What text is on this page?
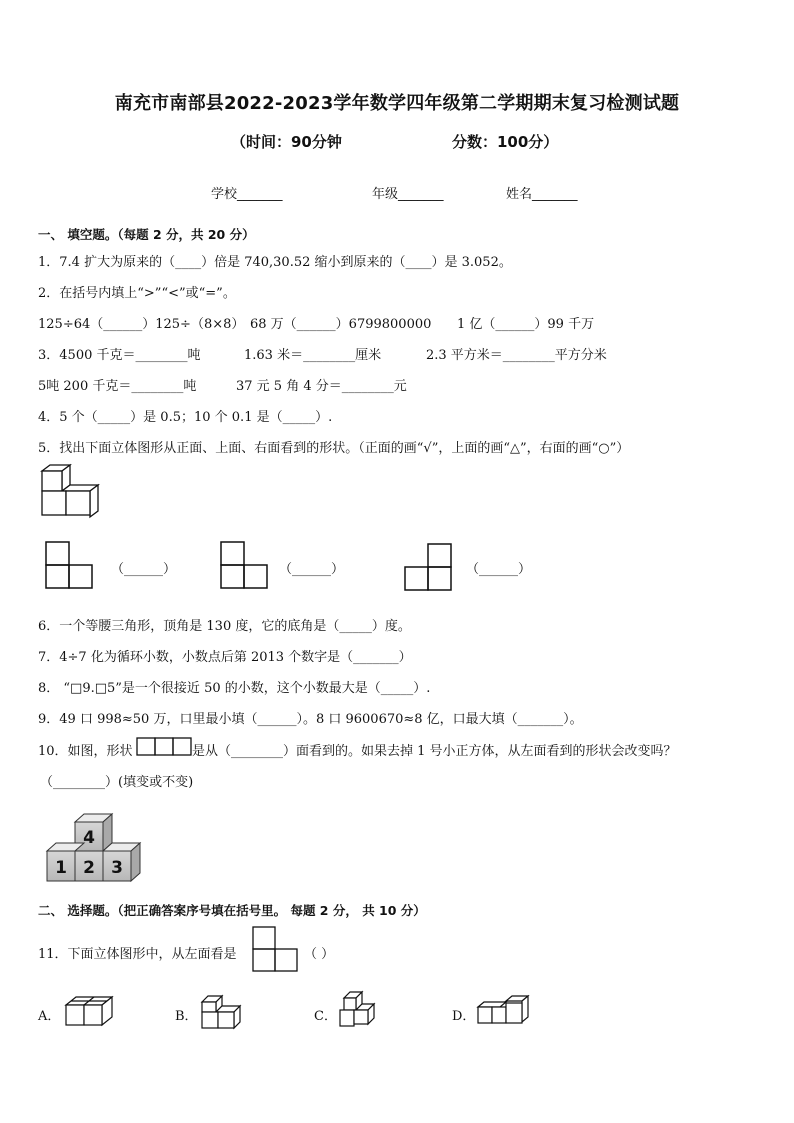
南充市南部县2022-2023学年数学四年级第二学期期末复习检测试题
（时间：90分钟	分数：100分）
学校_______	年级_______	姓名_______
一、 填空题。（每题 2 分，共 20 分）
1．7.4 扩大为原来的（____）倍是 740,30.52 缩小到原来的（____）是 3.052。
2．在括号内填上“>”“<”或“=”。
125÷64（______）125÷（8×8） 68 万（______）6799800000 1 亿（______）99 千万
3．4500 千克＝________吨	1.63 米＝________厘米	2.3 平方米＝________平方分米
5吨 200 千克＝________吨	37 元 5 角 4 分＝________元
4．5 个（_____）是 0.5；10 个 0.1 是（_____）.
5．找出下面立体图形从正面、上面、右面看到的形状。（正面的画“√”，上面的画“△”，右面的画“○”）
（______）	（______）	（______）
6．一个等腰三角形，顶角是 130 度，它的底角是（_____）度。
7．4÷7 化为循环小数，小数点后第 2013 个数字是（_______）
8． “□9.□5”是一个很接近 50 的小数，这个小数最大是（_____）.
9．49 口 998≈50 万，口里最小填（______）。8 口 9600670≈8 亿，口最大填（_______）。
10．如图，形状	是从（________）面看到的。如果去掉 1 号小正方体，从左面看到的形状会改变吗？
（________）(填变或不变)
4
1 2 3
二、 选择题。（把正确答案序号填在括号里。 每题 2 分， 共 10 分）
11．下面立体图形中，从左面看是	（ ）
A．	B．	C．	D．
